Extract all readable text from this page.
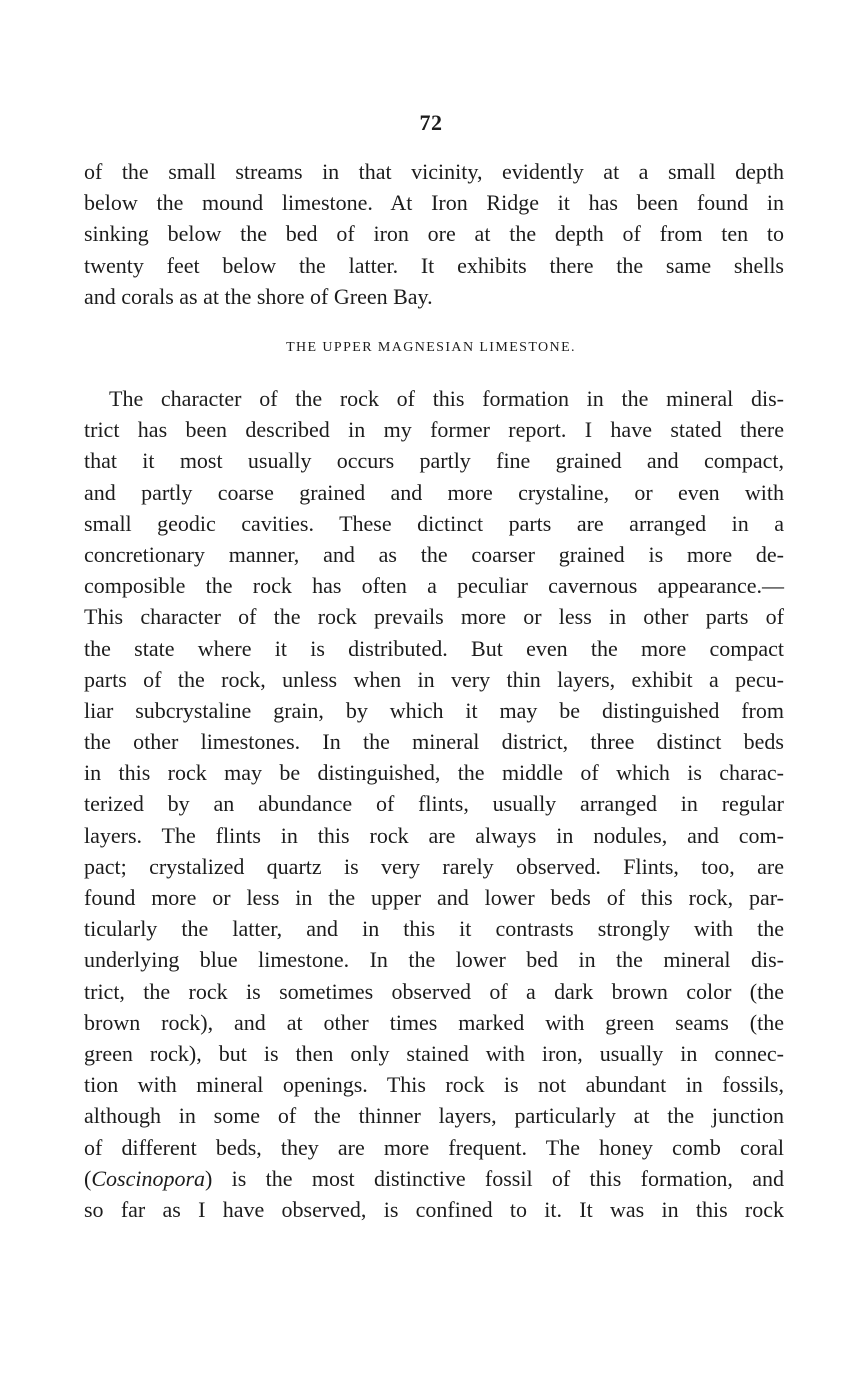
72
of the small streams in that vicinity, evidently at a small depth
below the mound limestone. At Iron Ridge it has been found in
sinking below the bed of iron ore at the depth of from ten to
twenty feet below the latter. It exhibits there the same shells
and corals as at the shore of Green Bay.
THE UPPER MAGNESIAN LIMESTONE.
The character of the rock of this formation in the mineral dis-
trict has been described in my former report. I have stated there
that it most usually occurs partly fine grained and compact,
and partly coarse grained and more crystaline, or even with
small geodic cavities. These dictinct parts are arranged in a
concretionary manner, and as the coarser grained is more de-
composible the rock has often a peculiar cavernous appearance.—
This character of the rock prevails more or less in other parts of
the state where it is distributed. But even the more compact
parts of the rock, unless when in very thin layers, exhibit a pecu-
liar subcrystaline grain, by which it may be distinguished from
the other limestones. In the mineral district, three distinct beds
in this rock may be distinguished, the middle of which is charac-
terized by an abundance of flints, usually arranged in regular
layers. The flints in this rock are always in nodules, and com-
pact; crystalized quartz is very rarely observed. Flints, too, are
found more or less in the upper and lower beds of this rock, par-
ticularly the latter, and in this it contrasts strongly with the
underlying blue limestone. In the lower bed in the mineral dis-
trict, the rock is sometimes observed of a dark brown color (the
brown rock), and at other times marked with green seams (the
green rock), but is then only stained with iron, usually in connec-
tion with mineral openings. This rock is not abundant in fossils,
although in some of the thinner layers, particularly at the junction
of different beds, they are more frequent. The honey comb coral
(Coscinopora) is the most distinctive fossil of this formation, and
so far as I have observed, is confined to it. It was in this rock
